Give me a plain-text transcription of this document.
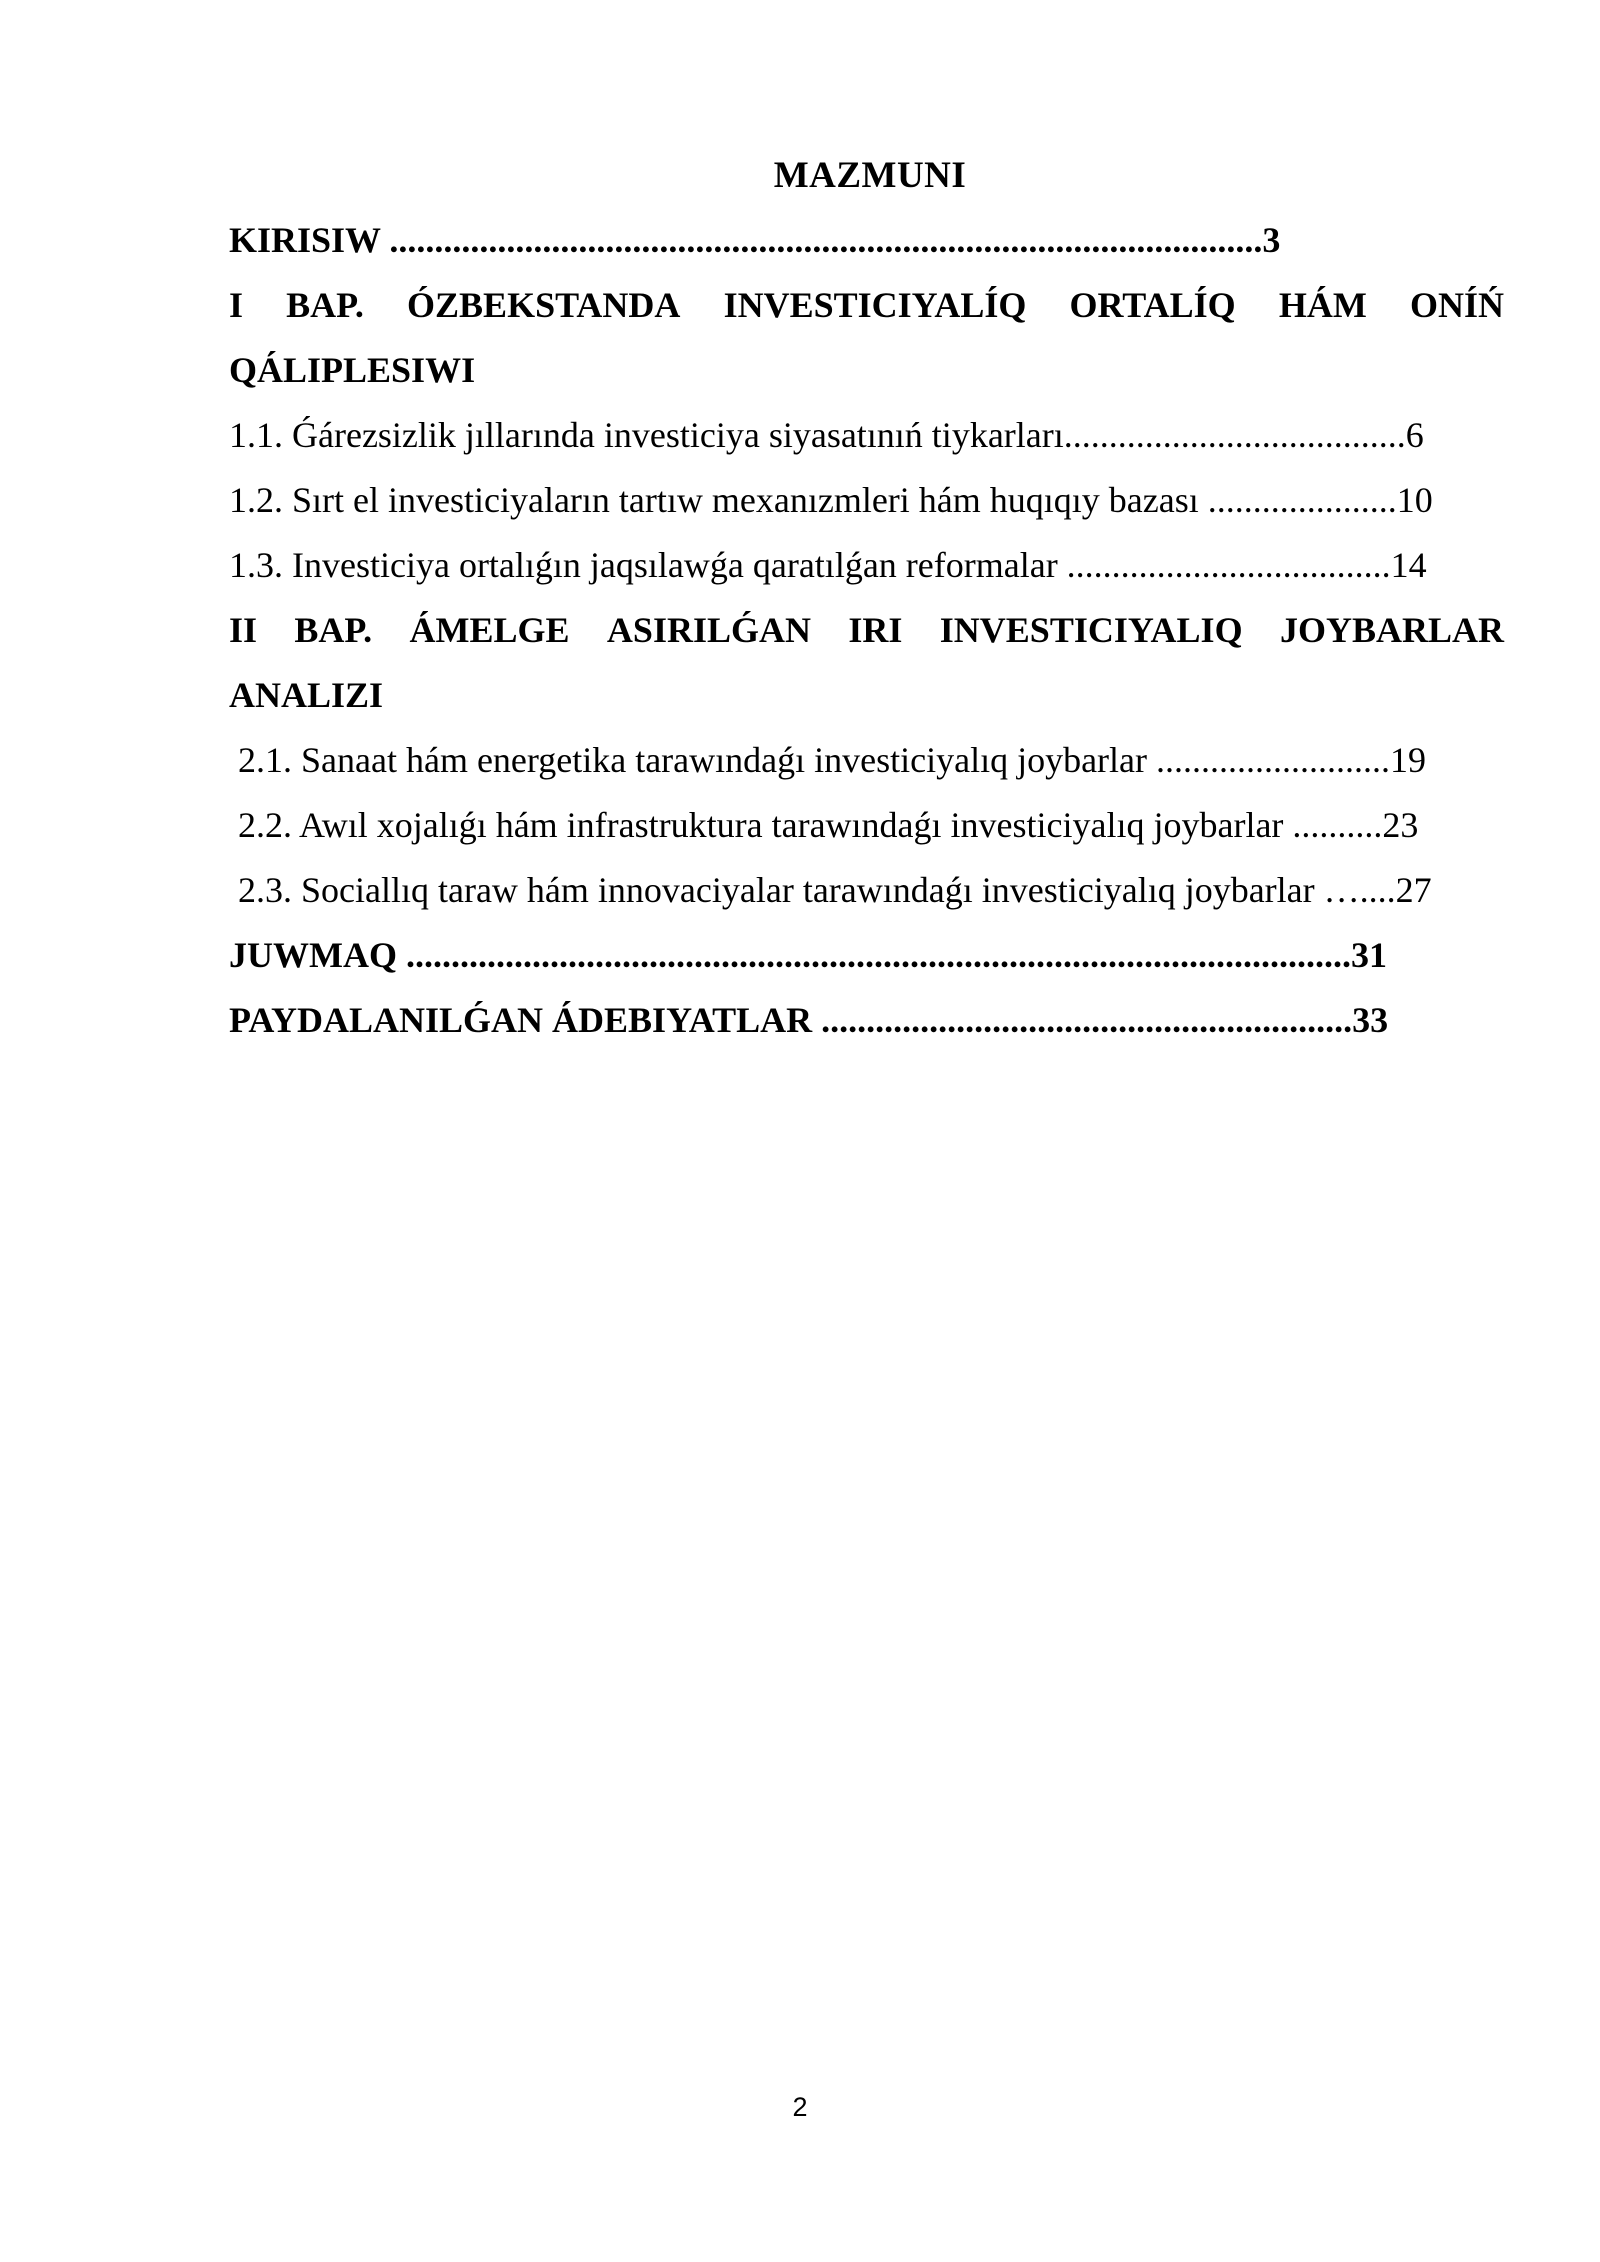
MAZMUNI
KIRISIW .................................................................................................3
I BAP. ÓZBEKSTANDA INVESTICIYALÍQ ORTALÍQ HÁM ONÍŃ
QÁLIPLESIWI
1.1. Ǵárezsizlik jıllarında investiciya siyasatınıń tiykarları......................................6
1.2. Sırt el investiciyaların tartıw mexanızmleri hám huqıqıy bazası .....................10
1.3. Investiciya ortalıǵın jaqsılawǵa qaratılǵan reformalar ....................................14
II BAP. ÁMELGE ASIRILǴAN IRI INVESTICIYALIQ JOYBARLAR
ANALIZI
2.1. Sanaat hám energetika tarawındaǵı investiciyalıq joybarlar ..........................19
2.2. Awıl xojalıǵı hám infrastruktura tarawındaǵı investiciyalıq joybarlar ..........23
2.3. Sociallıq taraw hám innovaciyalar tarawındaǵı investiciyalıq joybarlar …....27
JUWMAQ .........................................................................................................31
PAYDALANILǴAN ÁDEBIYATLAR ...........................................................33
2
